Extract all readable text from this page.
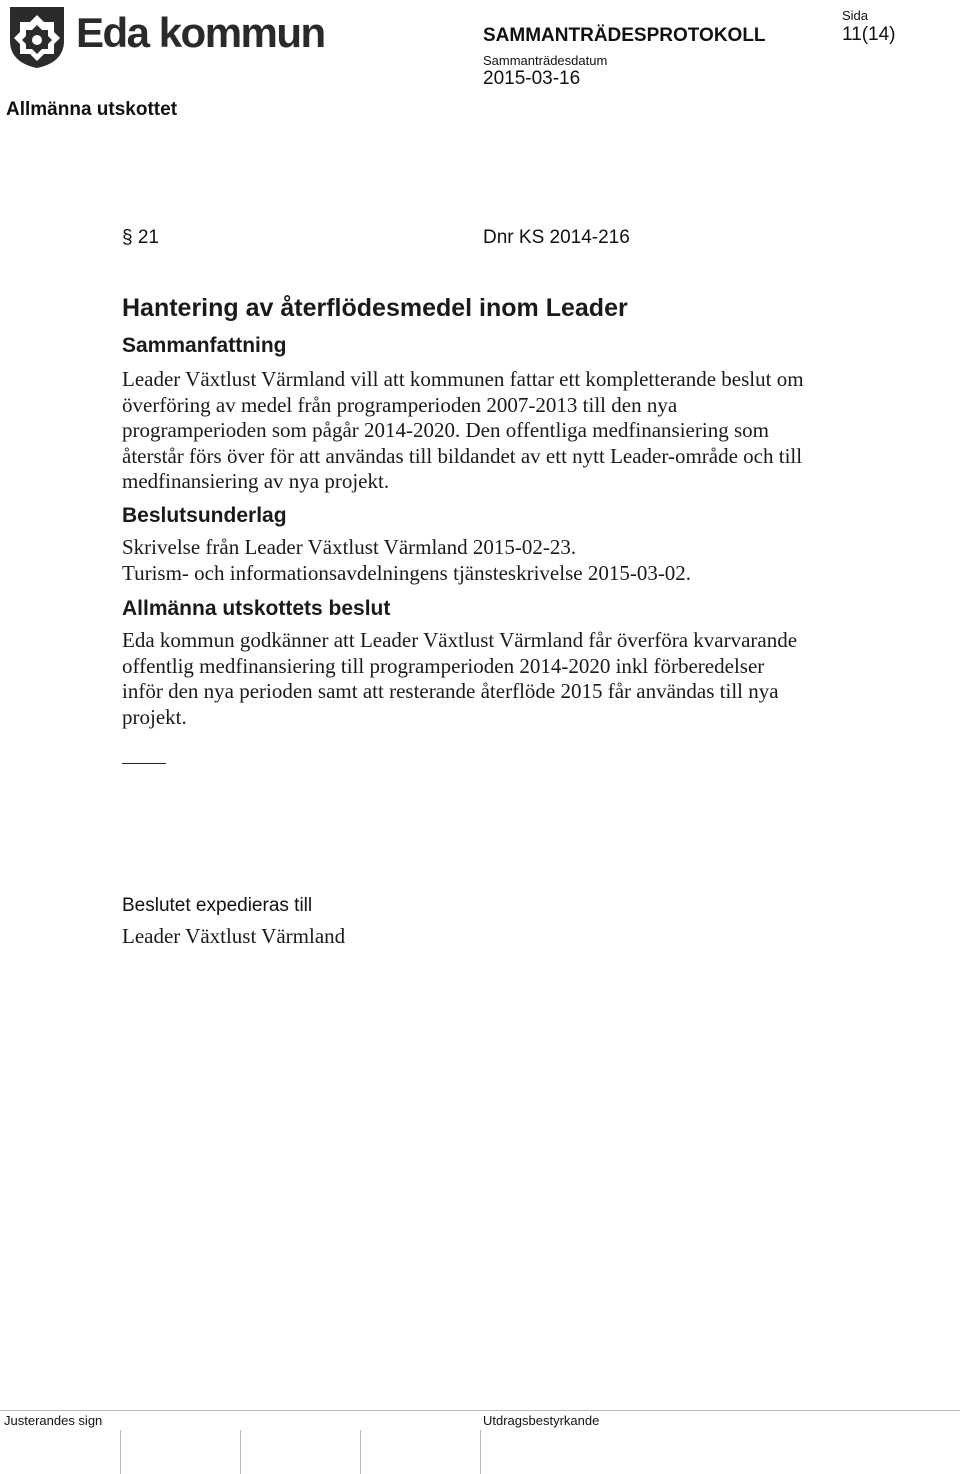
Eda kommun	SAMMANTRÄDESPROTOKOLL
Sammanträdesdatum
2015-03-16
Sida
11(14)
Allmänna utskottet
§ 21	Dnr KS 2014-216
Hantering av återflödesmedel inom Leader
Sammanfattning
Leader Växtlust Värmland vill att kommunen fattar ett kompletterande beslut om överföring av medel från programperioden 2007-2013 till den nya programperioden som pågår 2014-2020. Den offentliga medfinansiering som återstår förs över för att användas till bildandet av ett nytt Leader-område och till medfinansiering av nya projekt.
Beslutsunderlag
Skrivelse från Leader Växtlust Värmland 2015-02-23.
Turism- och informationsavdelningens tjänsteskrivelse 2015-03-02.
Allmänna utskottets beslut
Eda kommun godkänner att Leader Växtlust Värmland får överföra kvarvarande offentlig medfinansiering till programperioden 2014-2020 inkl förberedelser inför den nya perioden samt att resterande återflöde 2015 får användas till nya projekt.
Beslutet expedieras till
Leader Växtlust Värmland
Justerandes sign	Utdragsbestyrkande
